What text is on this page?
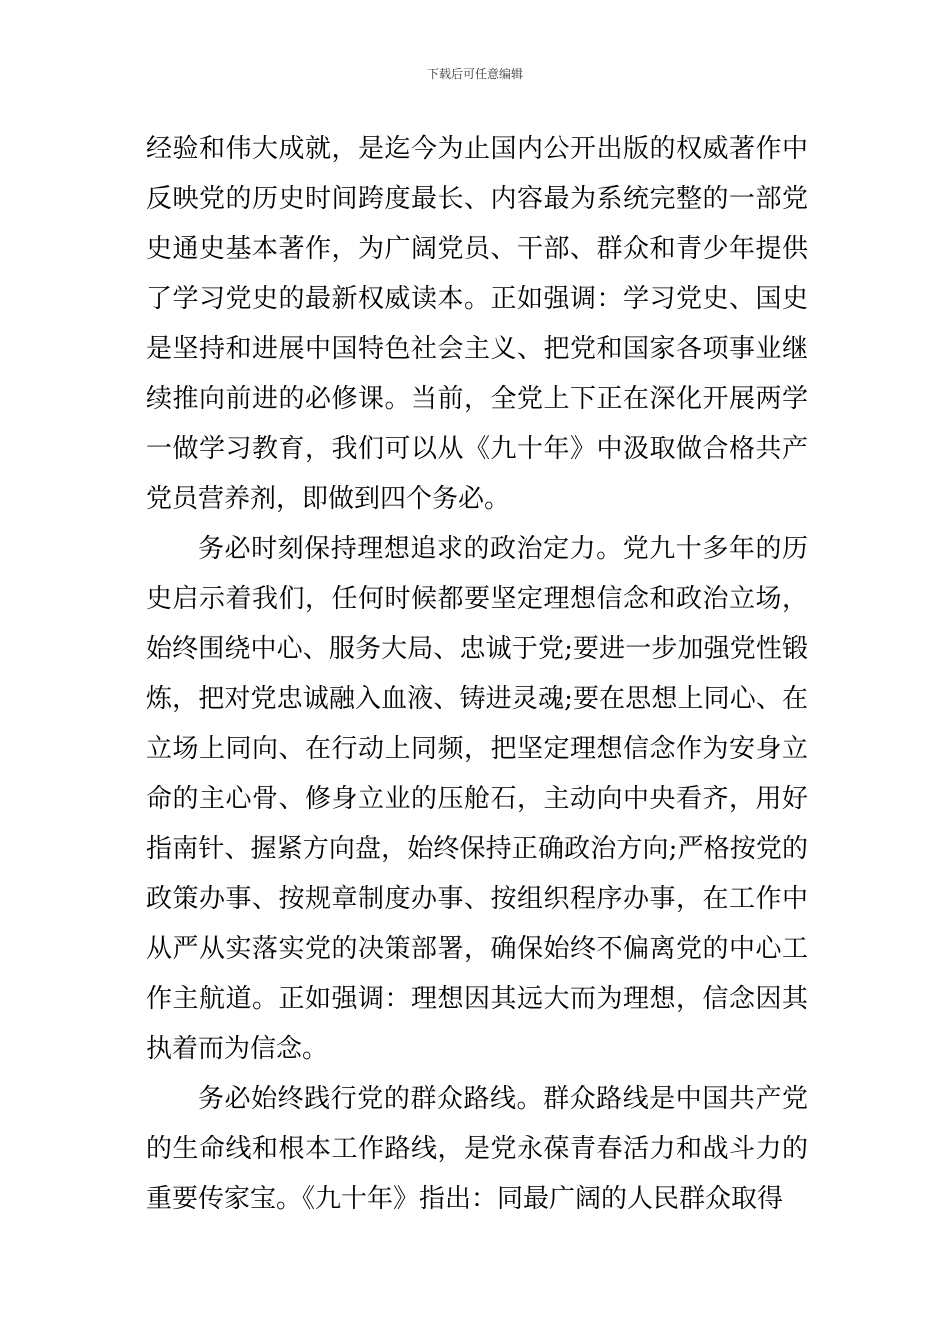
下载后可任意编辑

经验和伟大成就，是迄今为止国内公开出版的权威著作中反映党的历史时间跨度最长、内容最为系统完整的一部党史通史基本著作，为广阔党员、干部、群众和青少年提供了学习党史的最新权威读本。正如强调：学习党史、国史是坚持和进展中国特色社会主义、把党和国家各项事业继续推向前进的必修课。当前，全党上下正在深化开展两学一做学习教育，我们可以从《九十年》中汲取做合格共产党员营养剂，即做到四个务必。

务必时刻保持理想追求的政治定力。党九十多年的历史启示着我们，任何时候都要坚定理想信念和政治立场，始终围绕中心、服务大局、忠诚于党;要进一步加强党性锻炼，把对党忠诚融入血液、铸进灵魂;要在思想上同心、在立场上同向、在行动上同频，把坚定理想信念作为安身立命的主心骨、修身立业的压舱石，主动向中央看齐，用好指南针、握紧方向盘，始终保持正确政治方向;严格按党的政策办事、按规章制度办事、按组织程序办事，在工作中从严从实落实党的决策部署，确保始终不偏离党的中心工作主航道。正如强调：理想因其远大而为理想，信念因其执着而为信念。

务必始终践行党的群众路线。群众路线是中国共产党的生命线和根本工作路线，是党永葆青春活力和战斗力的重要传家宝。《九十年》指出：同最广阔的人民群众取得
